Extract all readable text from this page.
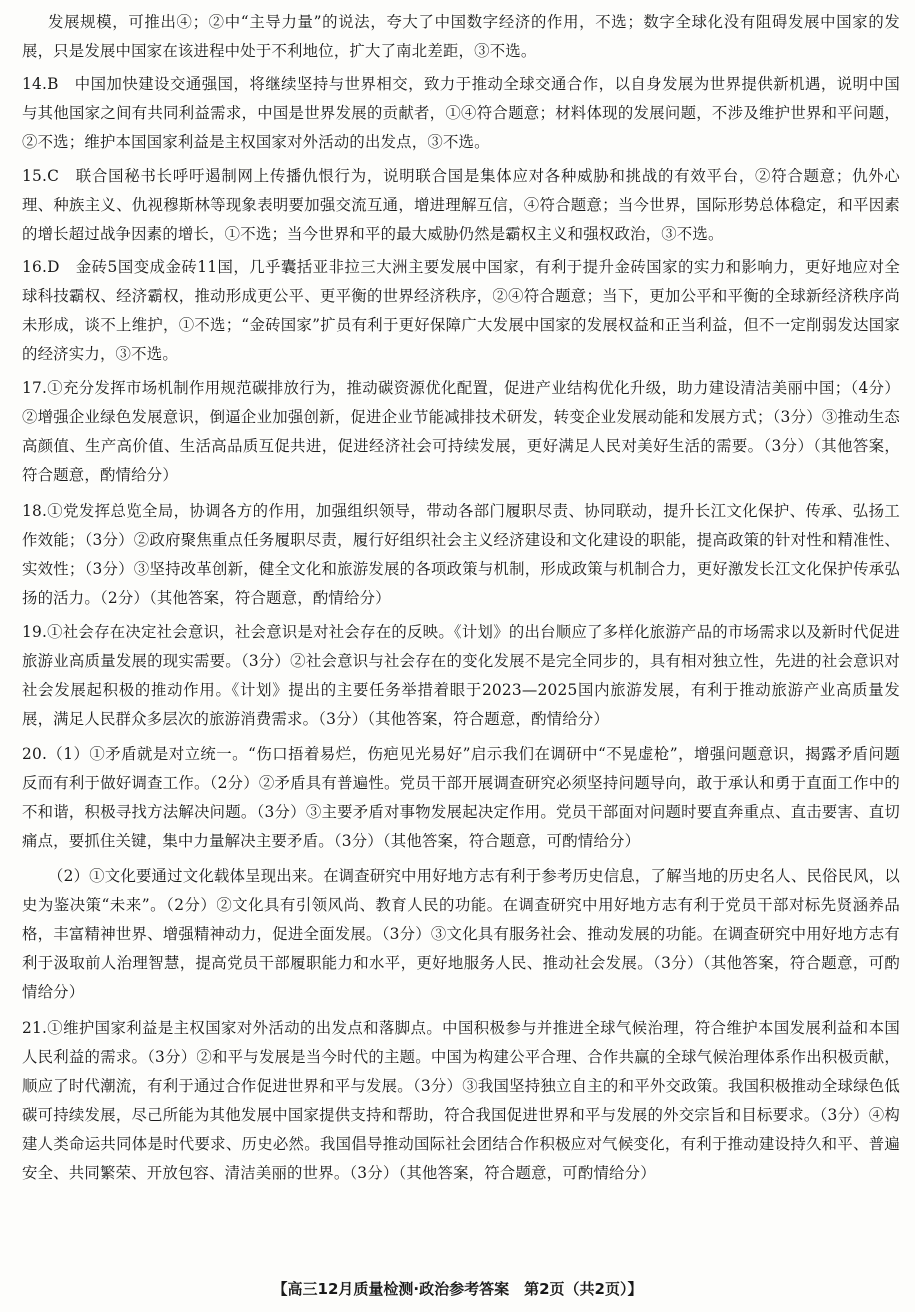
发展规模，可推出④；②中“主导力量”的说法，夸大了中国数字经济的作用，不选；数字全球化没有阻碍发展中国家的发展，只是发展中国家在该进程中处于不利地位，扩大了南北差距，③不选。
14.B　中国加快建设交通强国，将继续坚持与世界相交，致力于推动全球交通合作，以自身发展为世界提供新机遇，说明中国与其他国家之间有共同利益需求，中国是世界发展的贡献者，①④符合题意；材料体现的发展问题，不涉及维护世界和平问题，②不选；维护本国国家利益是主权国家对外活动的出发点，③不选。
15.C　联合国秘书长呼吁遏制网上传播仇恨行为，说明联合国是集体应对各种威胁和挑战的有效平台，②符合题意；仇外心理、种族主义、仇视穆斯林等现象表明要加强交流互通，增进理解互信，④符合题意；当今世界，国际形势总体稳定，和平因素的增长超过战争因素的增长，①不选；当今世界和平的最大威胁仍然是霸权主义和强权政治，③不选。
16.D　金砖5国变成金砖11国，几乎囊括亚非拉三大洲主要发展中国家，有利于提升金砖国家的实力和影响力，更好地应对全球科技霸权、经济霸权，推动形成更公平、更平衡的世界经济秩序，②④符合题意；当下，更加公平和平衡的全球新经济秩序尚未形成，谈不上维护，①不选；“金砖国家”扩员有利于更好保障广大发展中国家的发展权益和正当利益，但不一定削弱发达国家的经济实力，③不选。
17.①充分发挥市场机制作用规范碳排放行为，推动碳资源优化配置，促进产业结构优化升级，助力建设清洁美丽中国；（4分）②增强企业绿色发展意识，倒逼企业加强创新，促进企业节能减排技术研发，转变企业发展动能和发展方式；（3分）③推动生态高颜值、生产高价值、生活高品质互促共进，促进经济社会可持续发展，更好满足人民对美好生活的需要。（3分）（其他答案，符合题意，酌情给分）
18.①党发挥总览全局，协调各方的作用，加强组织领导，带动各部门履职尽责、协同联动，提升长江文化保护、传承、弘扬工作效能；（3分）②政府聚焦重点任务履职尽责，履行好组织社会主义经济建设和文化建设的职能，提高政策的针对性和精准性、实效性；（3分）③坚持改革创新，健全文化和旅游发展的各项政策与机制，形成政策与机制合力，更好激发长江文化保护传承弘扬的活力。（2分）（其他答案，符合题意，酌情给分）
19.①社会存在决定社会意识，社会意识是对社会存在的反映。《计划》的出台顺应了多样化旅游产品的市场需求以及新时代促进旅游业高质量发展的现实需要。（3分）②社会意识与社会存在的变化发展不是完全同步的，具有相对独立性，先进的社会意识对社会发展起积极的推动作用。《计划》提出的主要任务举措着眼于2023—2025国内旅游发展，有利于推动旅游产业高质量发展，满足人民群众多层次的旅游消费需求。（3分）（其他答案，符合题意，酌情给分）
20.（1）①矛盾就是对立统一。“伤口捂着易烂，伤疤见光易好”启示我们在调研中“不晃虚枪”，增强问题意识，揭露矛盾问题反而有利于做好调查工作。（2分）②矛盾具有普遍性。党员干部开展调查研究必须坚持问题导向，敢于承认和勇于直面工作中的不和谐，积极寻找方法解决问题。（3分）③主要矛盾对事物发展起决定作用。党员干部面对问题时要直奔重点、直击要害、直切痛点，要抓住关键，集中力量解决主要矛盾。（3分）（其他答案，符合题意，可酌情给分）
（2）①文化要通过文化载体呈现出来。在调查研究中用好地方志有利于参考历史信息，了解当地的历史名人、民俗民风，以史为鉴决策“未来”。（2分）②文化具有引领风尚、教育人民的功能。在调查研究中用好地方志有利于党员干部对标先贤涵养品格，丰富精神世界、增强精神动力，促进全面发展。（3分）③文化具有服务社会、推动发展的功能。在调查研究中用好地方志有利于汲取前人治理智慧，提高党员干部履职能力和水平，更好地服务人民、推动社会发展。（3分）（其他答案，符合题意，可酌情给分）
21.①维护国家利益是主权国家对外活动的出发点和落脚点。中国积极参与并推进全球气候治理，符合维护本国发展利益和本国人民利益的需求。（3分）②和平与发展是当今时代的主题。中国为构建公平合理、合作共赢的全球气候治理体系作出积极贡献，顺应了时代潮流，有利于通过合作促进世界和平与发展。（3分）③我国坚持独立自主的和平外交政策。我国积极推动全球绿色低碳可持续发展，尽己所能为其他发展中国家提供支持和帮助，符合我国促进世界和平与发展的外交宗旨和目标要求。（3分）④构建人类命运共同体是时代要求、历史必然。我国倡导推动国际社会团结合作积极应对气候变化，有利于推动建设持久和平、普遍安全、共同繁荣、开放包容、清洁美丽的世界。（3分）（其他答案，符合题意，可酌情给分）
【高三12月质量检测·政治参考答案　第2页（共2页）】
